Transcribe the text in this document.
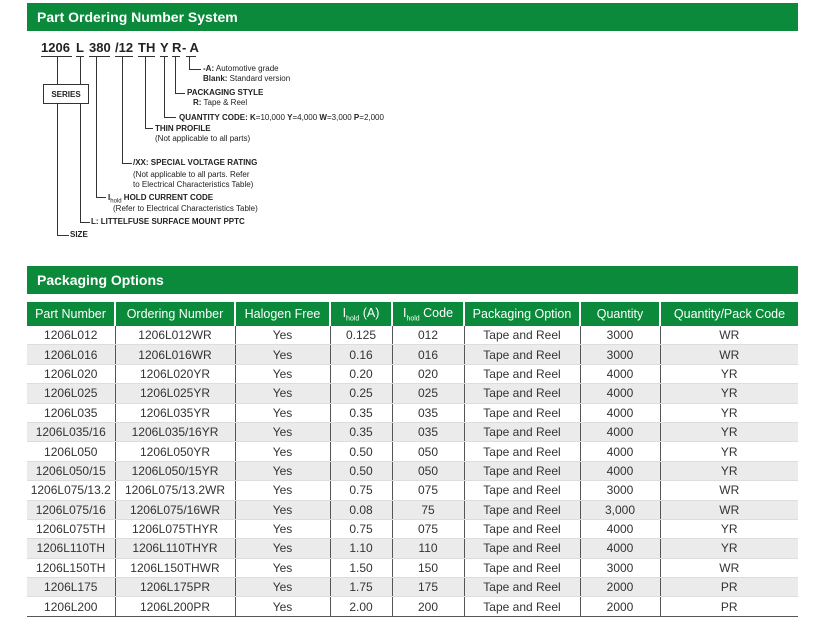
Part Ordering Number System
1206 L 380 /12 TH Y R - A
SERIES
-A: Automotive grade
Blank: Standard version
PACKAGING STYLE
R: Tape & Reel
QUANTITY CODE: K=10,000 Y=4,000 W=3,000 P=2,000
THIN PROFILE
(Not applicable to all parts)
/XX: SPECIAL VOLTAGE RATING
(Not applicable to all parts. Refer
to Electrical Characteristics Table)
$I_{hold}$ HOLD CURRENT CODE
(Refer to Electrical Characteristics Table)
L: LITTELFUSE SURFACE MOUNT PPTC
SIZE
Packaging Options
Part Number	Ordering Number	Halogen Free	$I_{hold}$ (A)	$I_{hold}$ Code	Packaging Option	Quantity	Quantity/Pack Code
1206L012	1206L012WR	Yes	0.125	012	Tape and Reel	3000	WR
1206L016	1206L016WR	Yes	0.16	016	Tape and Reel	3000	WR
1206L020	1206L020YR	Yes	0.20	020	Tape and Reel	4000	YR
1206L025	1206L025YR	Yes	0.25	025	Tape and Reel	4000	YR
1206L035	1206L035YR	Yes	0.35	035	Tape and Reel	4000	YR
1206L035/16	1206L035/16YR	Yes	0.35	035	Tape and Reel	4000	YR
1206L050	1206L050YR	Yes	0.50	050	Tape and Reel	4000	YR
1206L050/15	1206L050/15YR	Yes	0.50	050	Tape and Reel	4000	YR
1206L075/13.2	1206L075/13.2WR	Yes	0.75	075	Tape and Reel	3000	WR
1206L075/16	1206L075/16WR	Yes	0.08	75	Tape and Reel	3,000	WR
1206L075TH	1206L075THYR	Yes	0.75	075	Tape and Reel	4000	YR
1206L110TH	1206L110THYR	Yes	1.10	110	Tape and Reel	4000	YR
1206L150TH	1206L150THWR	Yes	1.50	150	Tape and Reel	3000	WR
1206L175	1206L175PR	Yes	1.75	175	Tape and Reel	2000	PR
1206L200	1206L200PR	Yes	2.00	200	Tape and Reel	2000	PR
